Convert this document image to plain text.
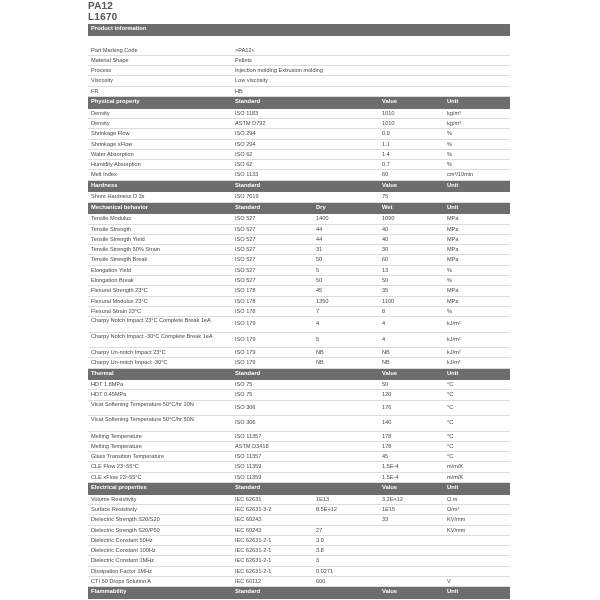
PA12
L1670
Product information
Part Marking Code	>PA12<
Material Shape	Pellets
Process	Injection molding Extrusion molding
Viscosity	Low viscosity
FR	HB
Physical property	Standard	Value	Unit
Density	ISO 1183	1010	kg/m³
Density	ASTM D792	1010	kg/m³
Shrinkage Flow	ISO 294	0.9	%
Shrinkage xFlow	ISO 294	1.1	%
Water Absorption	ISO 62	1.4	%
Humidity Absorption	ISO 62	0.7	%
Melt Index	ISO 1133	60	cm³/10min
Hardness	Standard	Value	Unit
Shore Hardness D 3s	ISO 7619	75
Mechanical behavior	Standard	Dry	Wet	Unit
Tensile Modulus	ISO 527	1400	1090	MPa
Tensile Strength	ISO 527	44	40	MPa
Tensile Strength Yield	ISO 527	44	40	MPa
Tensile Strength 50% Strain	ISO 527	31	30	MPa
Tensile Strength Break	ISO 527	50	60	MPa
Elongation Yield	ISO 527	5	13	%
Elongation Break	ISO 527	50	50	%
Flexural Strength 23°C	ISO 178	45	35	MPa
Flexural Modulus 23°C	ISO 178	1350	1100	MPa
Flexural Strain 23°C	ISO 178	7	8	%
Charpy Notch Impact 23°C Complete Break 1eA	ISO 179	4	4	kJ/m²
Charpy Notch Impact -30°C Complete Break 1eA	ISO 179	5	4	kJ/m²
Charpy Un-notch Impact 23°C	ISO 179	NB	NB	kJ/m²
Charpy Un-notch Impact -30°C	ISO 179	NB	NB	kJ/m²
Thermal	Standard	Value	Unit
HDT 1.8MPa	ISO 75	50	°C
HDT 0.45MPa	ISO 75	120	°C
Vicat Softening Temperature 50°C/hr 10N	ISO 306	176	°C
Vicat Softening Temperature 50°C/hr 50N	ISO 306	140	°C
Melting Temperature	ISO 11357	178	°C
Melting Temperature	ASTM D3418	178	°C
Glass Transition Temperature	ISO 11357	45	°C
CLE Flow 23~55°C	ISO 11359	1.5E-4	m/m/K
CLE xFlow 23~55°C	ISO 11359	1.5E-4	m/m/K
Electrical properties	Standard	Value	Unit
Volume Resistivity	IEC 62631	1E13	3.2E+12	Ω.m
Surface Resistivity	IEC 62631-3-2	8.5E+12	1E15	Ω/m²
Dielectric Strength S20/S20	IEC 60243	33	KV/mm
Dielectric Strength S20/P50	IEC 60243	27	KV/mm
Dielectric Constant 50Hz	IEC 62631-2-1	3.9
Dielectric Constant 100Hz	IEC 62631-2-1	3.8
Dielectric Constant 1MHz	IEC 62631-2-1	3
Dissipation Factor 1MHz	IEC 62631-2-1	0.0271
CTI 50 Drops Solution A	IEC 60112	600	V
Flammability	Standard	Value	Unit
